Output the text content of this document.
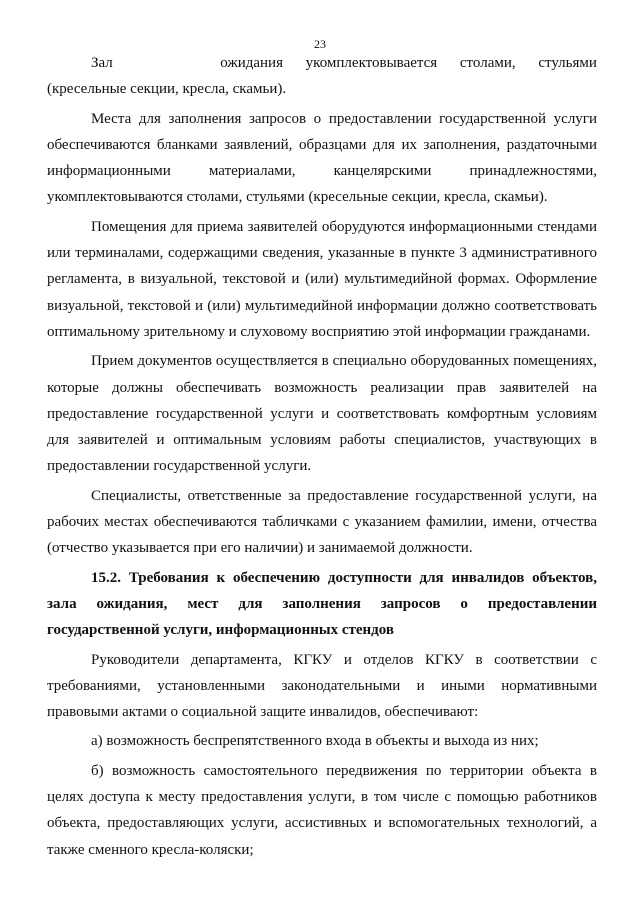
23
Зал	ожидания укомплектовывается столами, стульями
(кресельные секции, кресла, скамьи).

Места для заполнения запросов о предоставлении государственной услуги обеспечиваются бланками заявлений, образцами для их заполнения, раздаточными информационными материалами, канцелярскими принадлежностями, укомплектовываются столами, стульями (кресельные секции, кресла, скамьи).

Помещения для приема заявителей оборудуются информационными стендами или терминалами, содержащими сведения, указанные в пункте 3 административного регламента, в визуальной, текстовой и (или) мультимедийной формах. Оформление визуальной, текстовой и (или) мультимедийной информации должно соответствовать оптимальному зрительному и слуховому восприятию этой информации гражданами.

Прием документов осуществляется в специально оборудованных помещениях, которые должны обеспечивать возможность реализации прав заявителей на предоставление государственной услуги и соответствовать комфортным условиям для заявителей и оптимальным условиям работы специалистов, участвующих в предоставлении государственной услуги.

Специалисты, ответственные за предоставление государственной услуги, на рабочих местах обеспечиваются табличками с указанием фамилии, имени, отчества (отчество указывается при его наличии) и занимаемой должности.

15.2. Требования к обеспечению доступности для инвалидов объектов, зала ожидания, мест для заполнения запросов о предоставлении государственной услуги, информационных стендов

Руководители департамента, КГКУ и отделов КГКУ в соответствии с требованиями, установленными законодательными и иными нормативными правовыми актами о социальной защите инвалидов, обеспечивают:

а) возможность беспрепятственного входа в объекты и выхода из них;

б) возможность самостоятельного передвижения по территории объекта в целях доступа к месту предоставления услуги, в том числе с помощью работников объекта, предоставляющих услуги, ассистивных и вспомогательных технологий, а также сменного кресла-коляски;
